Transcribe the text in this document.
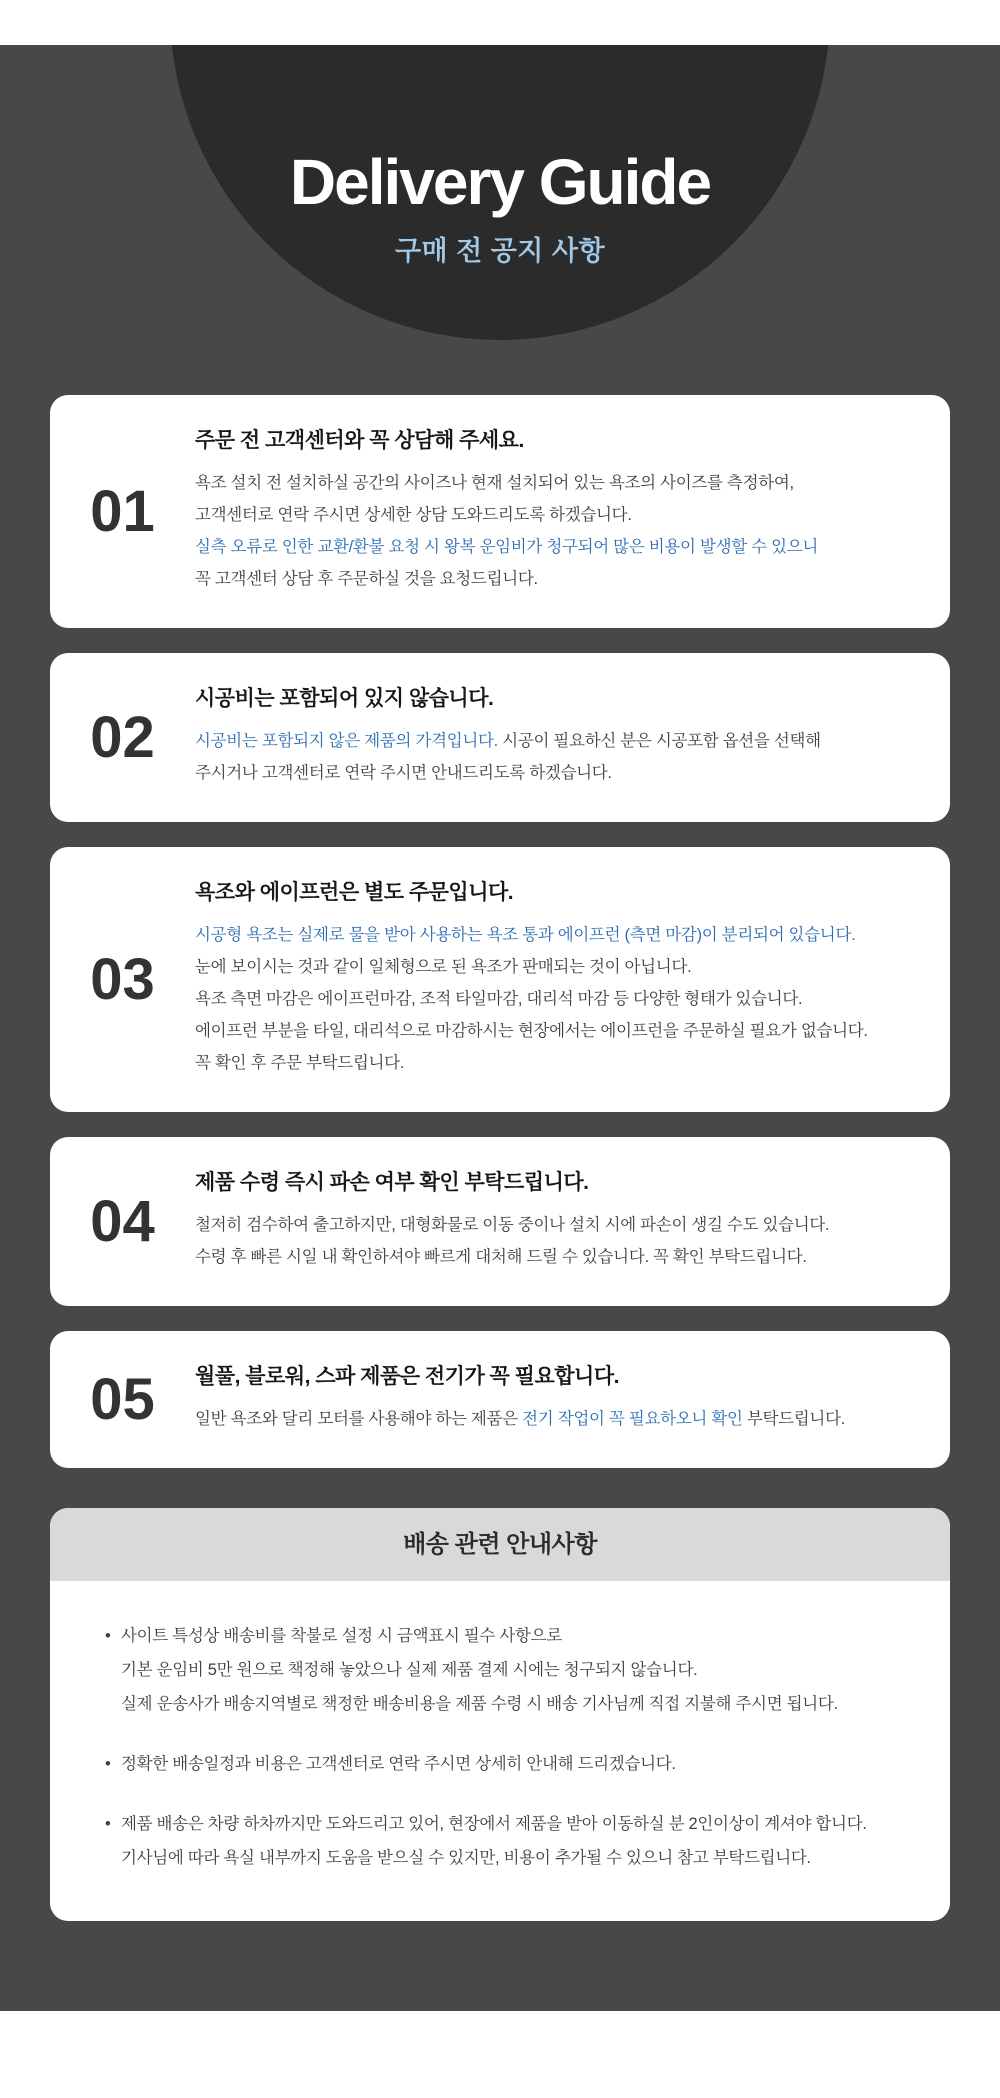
Delivery Guide
구매 전 공지 사항
01
주문 전 고객센터와 꼭 상담해 주세요.
욕조 설치 전 설치하실 공간의 사이즈나 현재 설치되어 있는 욕조의 사이즈를 측정하여,
고객센터로 연락 주시면 상세한 상담 도와드리도록 하겠습니다.
실측 오류로 인한 교환/환불 요청 시 왕복 운임비가 청구되어 많은 비용이 발생할 수 있으니
꼭 고객센터 상담 후 주문하실 것을 요청드립니다.
02
시공비는 포함되어 있지 않습니다.
시공비는 포함되지 않은 제품의 가격입니다. 시공이 필요하신 분은 시공포함 옵션을 선택해
주시거나 고객센터로 연락 주시면 안내드리도록 하겠습니다.
03
욕조와 에이프런은 별도 주문입니다.
시공형 욕조는 실제로 물을 받아 사용하는 욕조 통과 에이프런 (측면 마감)이 분리되어 있습니다.
눈에 보이시는 것과 같이 일체형으로 된 욕조가 판매되는 것이 아닙니다.
욕조 측면 마감은 에이프런마감, 조적 타일마감, 대리석 마감 등 다양한 형태가 있습니다.
에이프런 부분을 타일, 대리석으로 마감하시는 현장에서는 에이프런을 주문하실 필요가 없습니다.
꼭 확인 후 주문 부탁드립니다.
04
제품 수령 즉시 파손 여부 확인 부탁드립니다.
철저히 검수하여 출고하지만, 대형화물로 이동 중이나 설치 시에 파손이 생길 수도 있습니다.
수령 후 빠른 시일 내 확인하셔야 빠르게 대처해 드릴 수 있습니다. 꼭 확인 부탁드립니다.
05	월풀, 블로워, 스파 제품은 전기가 꼭 필요합니다.
일반 욕조와 달리 모터를 사용해야 하는 제품은 전기 작업이 꼭 필요하오니 확인 부탁드립니다.
배송 관련 안내사항
• 사이트 특성상 배송비를 착불로 설정 시 금액표시 필수 사항으로
기본 운임비 5만 원으로 책정해 놓았으나 실제 제품 결제 시에는 청구되지 않습니다.
실제 운송사가 배송지역별로 책정한 배송비용을 제품 수령 시 배송 기사님께 직접 지불해 주시면 됩니다.
• 정확한 배송일정과 비용은 고객센터로 연락 주시면 상세히 안내해 드리겠습니다.
• 제품 배송은 차량 하차까지만 도와드리고 있어, 현장에서 제품을 받아 이동하실 분 2인이상이 계셔야 합니다.
기사님에 따라 욕실 내부까지 도움을 받으실 수 있지만, 비용이 추가될 수 있으니 참고 부탁드립니다.
